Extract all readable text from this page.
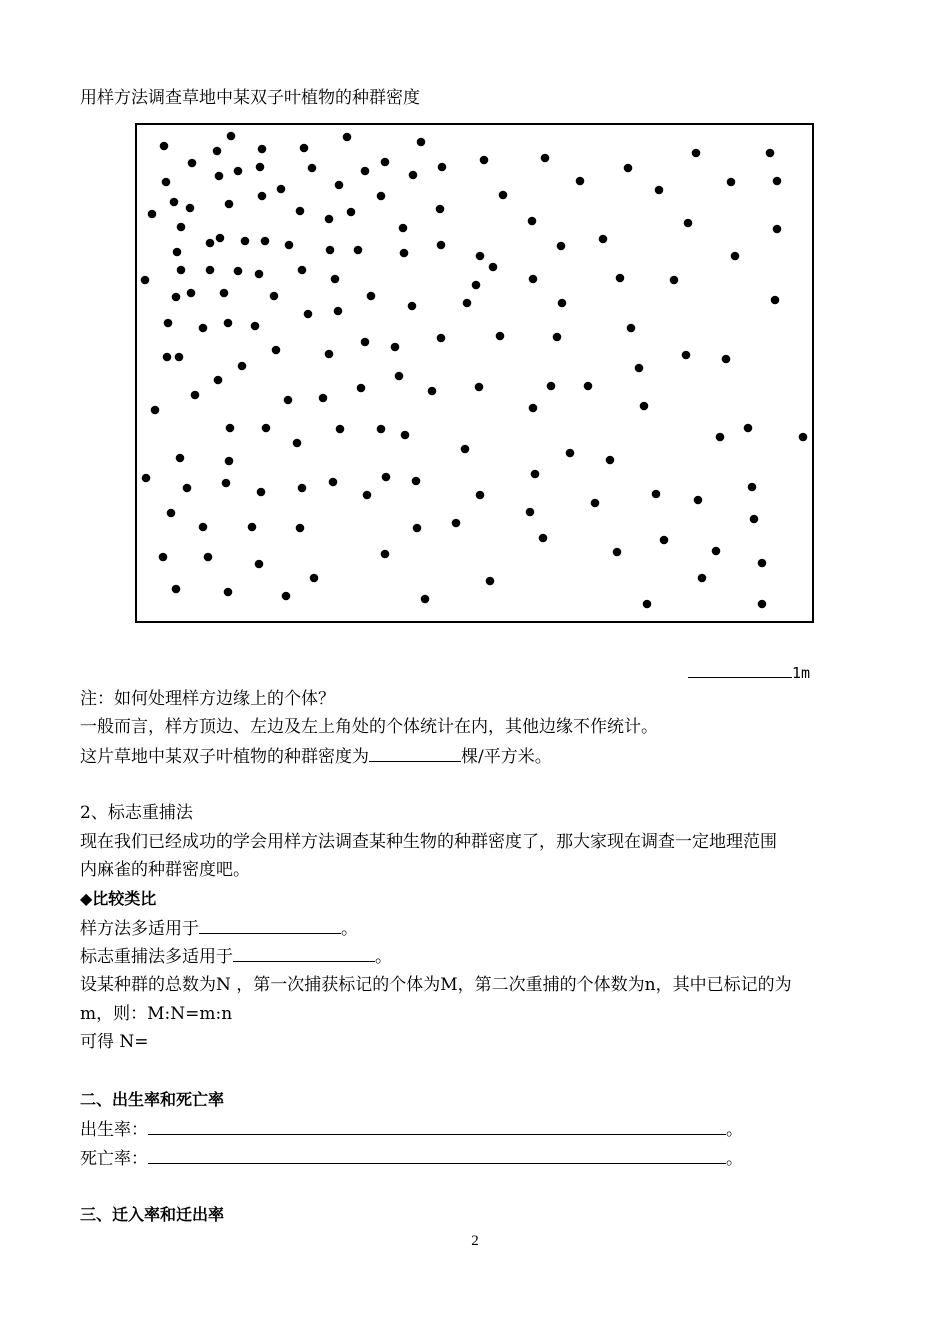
用样方法调查草地中某双子叶植物的种群密度
1m
注：如何处理样方边缘上的个体？
一般而言，样方顶边、左边及左上角处的个体统计在内，其他边缘不作统计。
这片草地中某双子叶植物的种群密度为	棵/平方米。
2、标志重捕法
现在我们已经成功的学会用样方法调查某种生物的种群密度了，那大家现在调查一定地理范围
内麻雀的种群密度吧。
◆比较类比
样方法多适用于	。
标志重捕法多适用于	。
设某种群的总数为N ，第一次捕获标记的个体为M，第二次重捕的个体数为n，其中已标记的为
m，则：M:N=m:n
可得 N=
二、出生率和死亡率
出生率：	。
死亡率：	。
三、迁入率和迁出率
2
